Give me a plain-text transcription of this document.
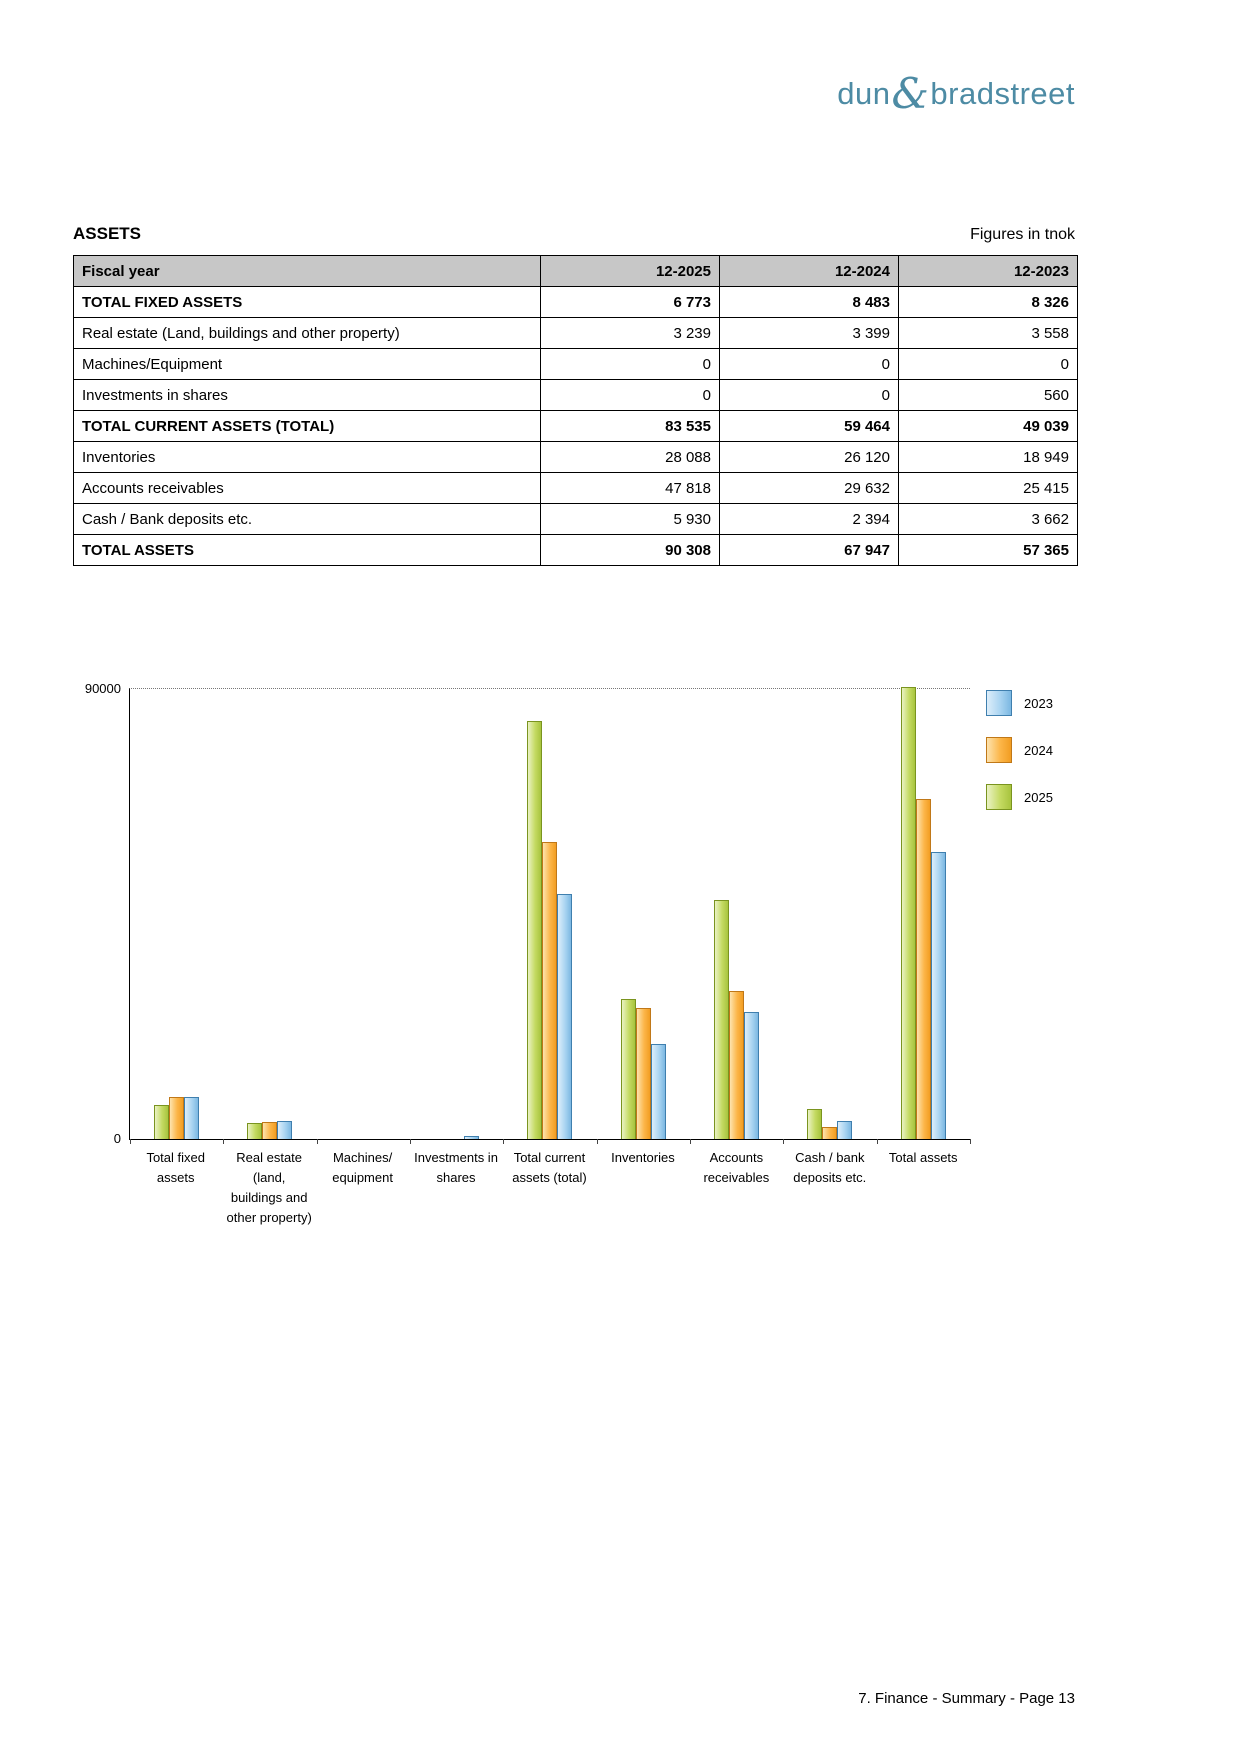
dun&bradstreet
ASSETS	Figures in tnok
Fiscal year	12-2025	12-2024	12-2023
TOTAL FIXED ASSETS	6 773	8 483	8 326
Real estate (Land, buildings and other property)	3 239	3 399	3 558
Machines/Equipment	0	0	0
Investments in shares	0	0	560
TOTAL CURRENT ASSETS (TOTAL)	83 535	59 464	49 039
Inventories	28 088	26 120	18 949
Accounts receivables	47 818	29 632	25 415
Cash / Bank deposits etc.	5 930	2 394	3 662
TOTAL ASSETS	90 308	67 947	57 365
90000
0
Total fixed
assets
Real estate
(land,
buildings and
other property)
Machines/
equipment
Investments in
shares
Total current
assets (total)
Inventories	Accounts
receivables
Cash / bank
deposits etc.
Total assets
2023
2024
2025
7. Finance - Summary - Page 13
